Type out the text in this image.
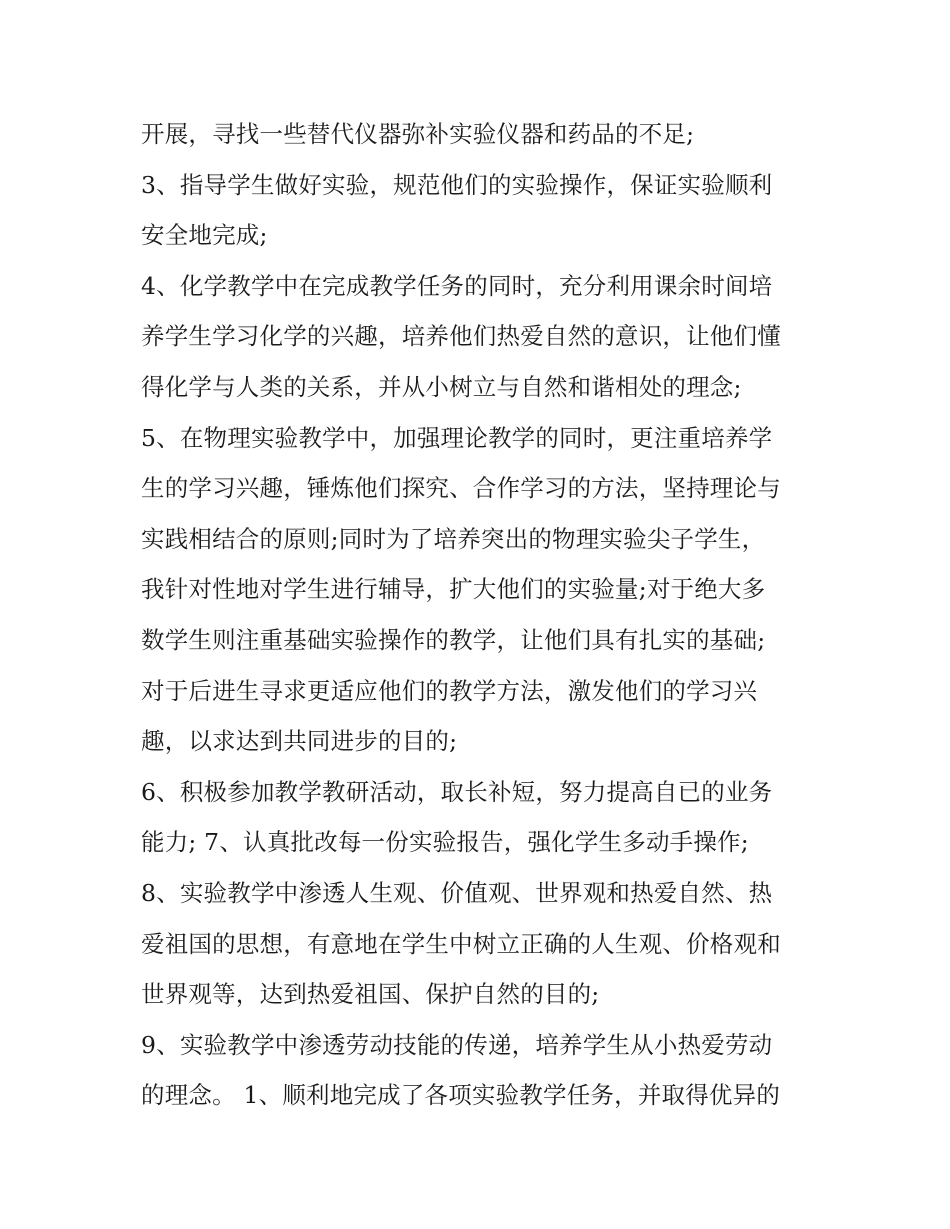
开展，寻找一些替代仪器弥补实验仪器和药品的不足;
3、指导学生做好实验，规范他们的实验操作，保证实验顺利
安全地完成;
4、化学教学中在完成教学任务的同时，充分利用课余时间培
养学生学习化学的兴趣，培养他们热爱自然的意识，让他们懂
得化学与人类的关系，并从小树立与自然和谐相处的理念;
5、在物理实验教学中，加强理论教学的同时，更注重培养学
生的学习兴趣，锤炼他们探究、合作学习的方法，坚持理论与
实践相结合的原则;同时为了培养突出的物理实验尖子学生，
我针对性地对学生进行辅导，扩大他们的实验量;对于绝大多
数学生则注重基础实验操作的教学，让他们具有扎实的基础;
对于后进生寻求更适应他们的教学方法，激发他们的学习兴
趣，以求达到共同进步的目的;
6、积极参加教学教研活动，取长补短，努力提高自已的业务
能力; 7、认真批改每一份实验报告，强化学生多动手操作;
8、实验教学中渗透人生观、价值观、世界观和热爱自然、热
爱祖国的思想，有意地在学生中树立正确的人生观、价格观和
世界观等，达到热爱祖国、保护自然的目的;
9、实验教学中渗透劳动技能的传递，培养学生从小热爱劳动
的理念。 1、顺利地完成了各项实验教学任务，并取得优异的
